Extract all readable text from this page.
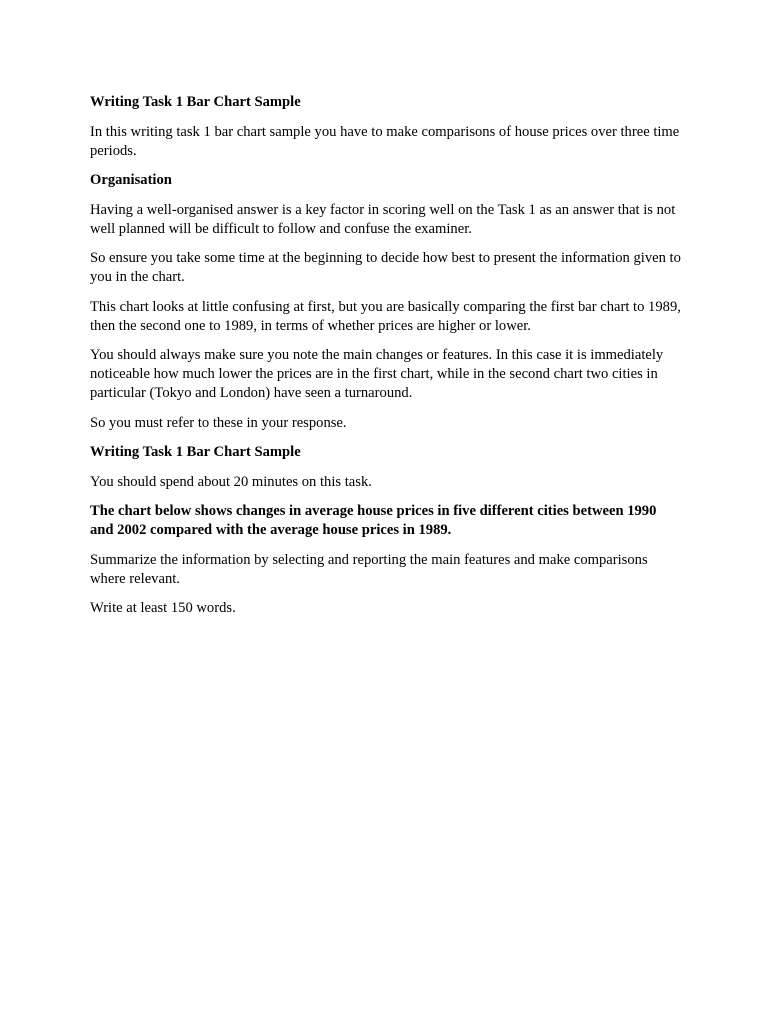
Writing Task 1 Bar Chart Sample

In this writing task 1 bar chart sample you have to make comparisons of house prices over three time periods.

Organisation

Having a well-organised answer is a key factor in scoring well on the Task 1 as an answer that is not well planned will be difficult to follow and confuse the examiner.

So ensure you take some time at the beginning to decide how best to present the information given to you in the chart.

This chart looks at little confusing at first, but you are basically comparing the first bar chart to 1989, then the second one to 1989, in terms of whether prices are higher or lower.

You should always make sure you note the main changes or features. In this case it is immediately noticeable how much lower the prices are in the first chart, while in the second chart two cities in particular (Tokyo and London) have seen a turnaround.

So you must refer to these in your response.

Writing Task 1 Bar Chart Sample

You should spend about 20 minutes on this task.

The chart below shows changes in average house prices in five different cities between 1990 and 2002 compared with the average house prices in 1989.

Summarize the information by selecting and reporting the main features and make comparisons where relevant.

Write at least 150 words.
